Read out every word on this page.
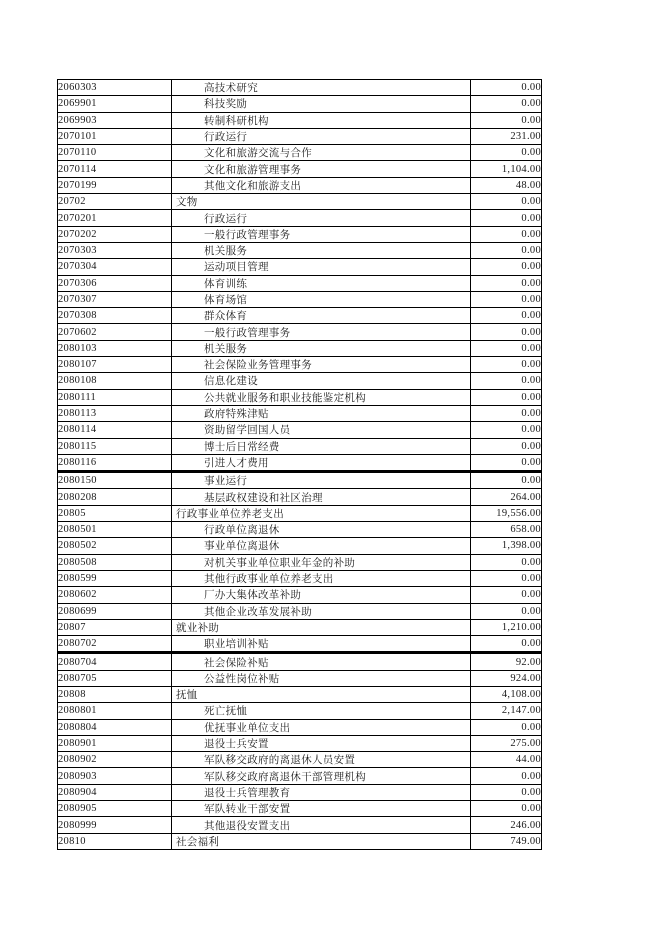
2060303	高技术研究	0.00
2069901	科技奖励	0.00
2069903	转制科研机构	0.00
2070101	行政运行	231.00
2070110	文化和旅游交流与合作	0.00
2070114	文化和旅游管理事务	1,104.00
2070199	其他文化和旅游支出	48.00
20702	文物	0.00
2070201	行政运行	0.00
2070202	一般行政管理事务	0.00
2070303	机关服务	0.00
2070304	运动项目管理	0.00
2070306	体育训练	0.00
2070307	体育场馆	0.00
2070308	群众体育	0.00
2070602	一般行政管理事务	0.00
2080103	机关服务	0.00
2080107	社会保险业务管理事务	0.00
2080108	信息化建设	0.00
2080111	公共就业服务和职业技能鉴定机构	0.00
2080113	政府特殊津贴	0.00
2080114	资助留学回国人员	0.00
2080115	博士后日常经费	0.00
2080116	引进人才费用	0.00
2080150	事业运行	0.00
2080208	基层政权建设和社区治理	264.00
20805	行政事业单位养老支出	19,556.00
2080501	行政单位离退休	658.00
2080502	事业单位离退休	1,398.00
2080508	对机关事业单位职业年金的补助	0.00
2080599	其他行政事业单位养老支出	0.00
2080602	厂办大集体改革补助	0.00
2080699	其他企业改革发展补助	0.00
20807	就业补助	1,210.00
2080702	职业培训补贴	0.00
2080704	社会保险补贴	92.00
2080705	公益性岗位补贴	924.00
20808	抚恤	4,108.00
2080801	死亡抚恤	2,147.00
2080804	优抚事业单位支出	0.00
2080901	退役士兵安置	275.00
2080902	军队移交政府的离退休人员安置	44.00
2080903	军队移交政府离退休干部管理机构	0.00
2080904	退役士兵管理教育	0.00
2080905	军队转业干部安置	0.00
2080999	其他退役安置支出	246.00
20810	社会福利	749.00
